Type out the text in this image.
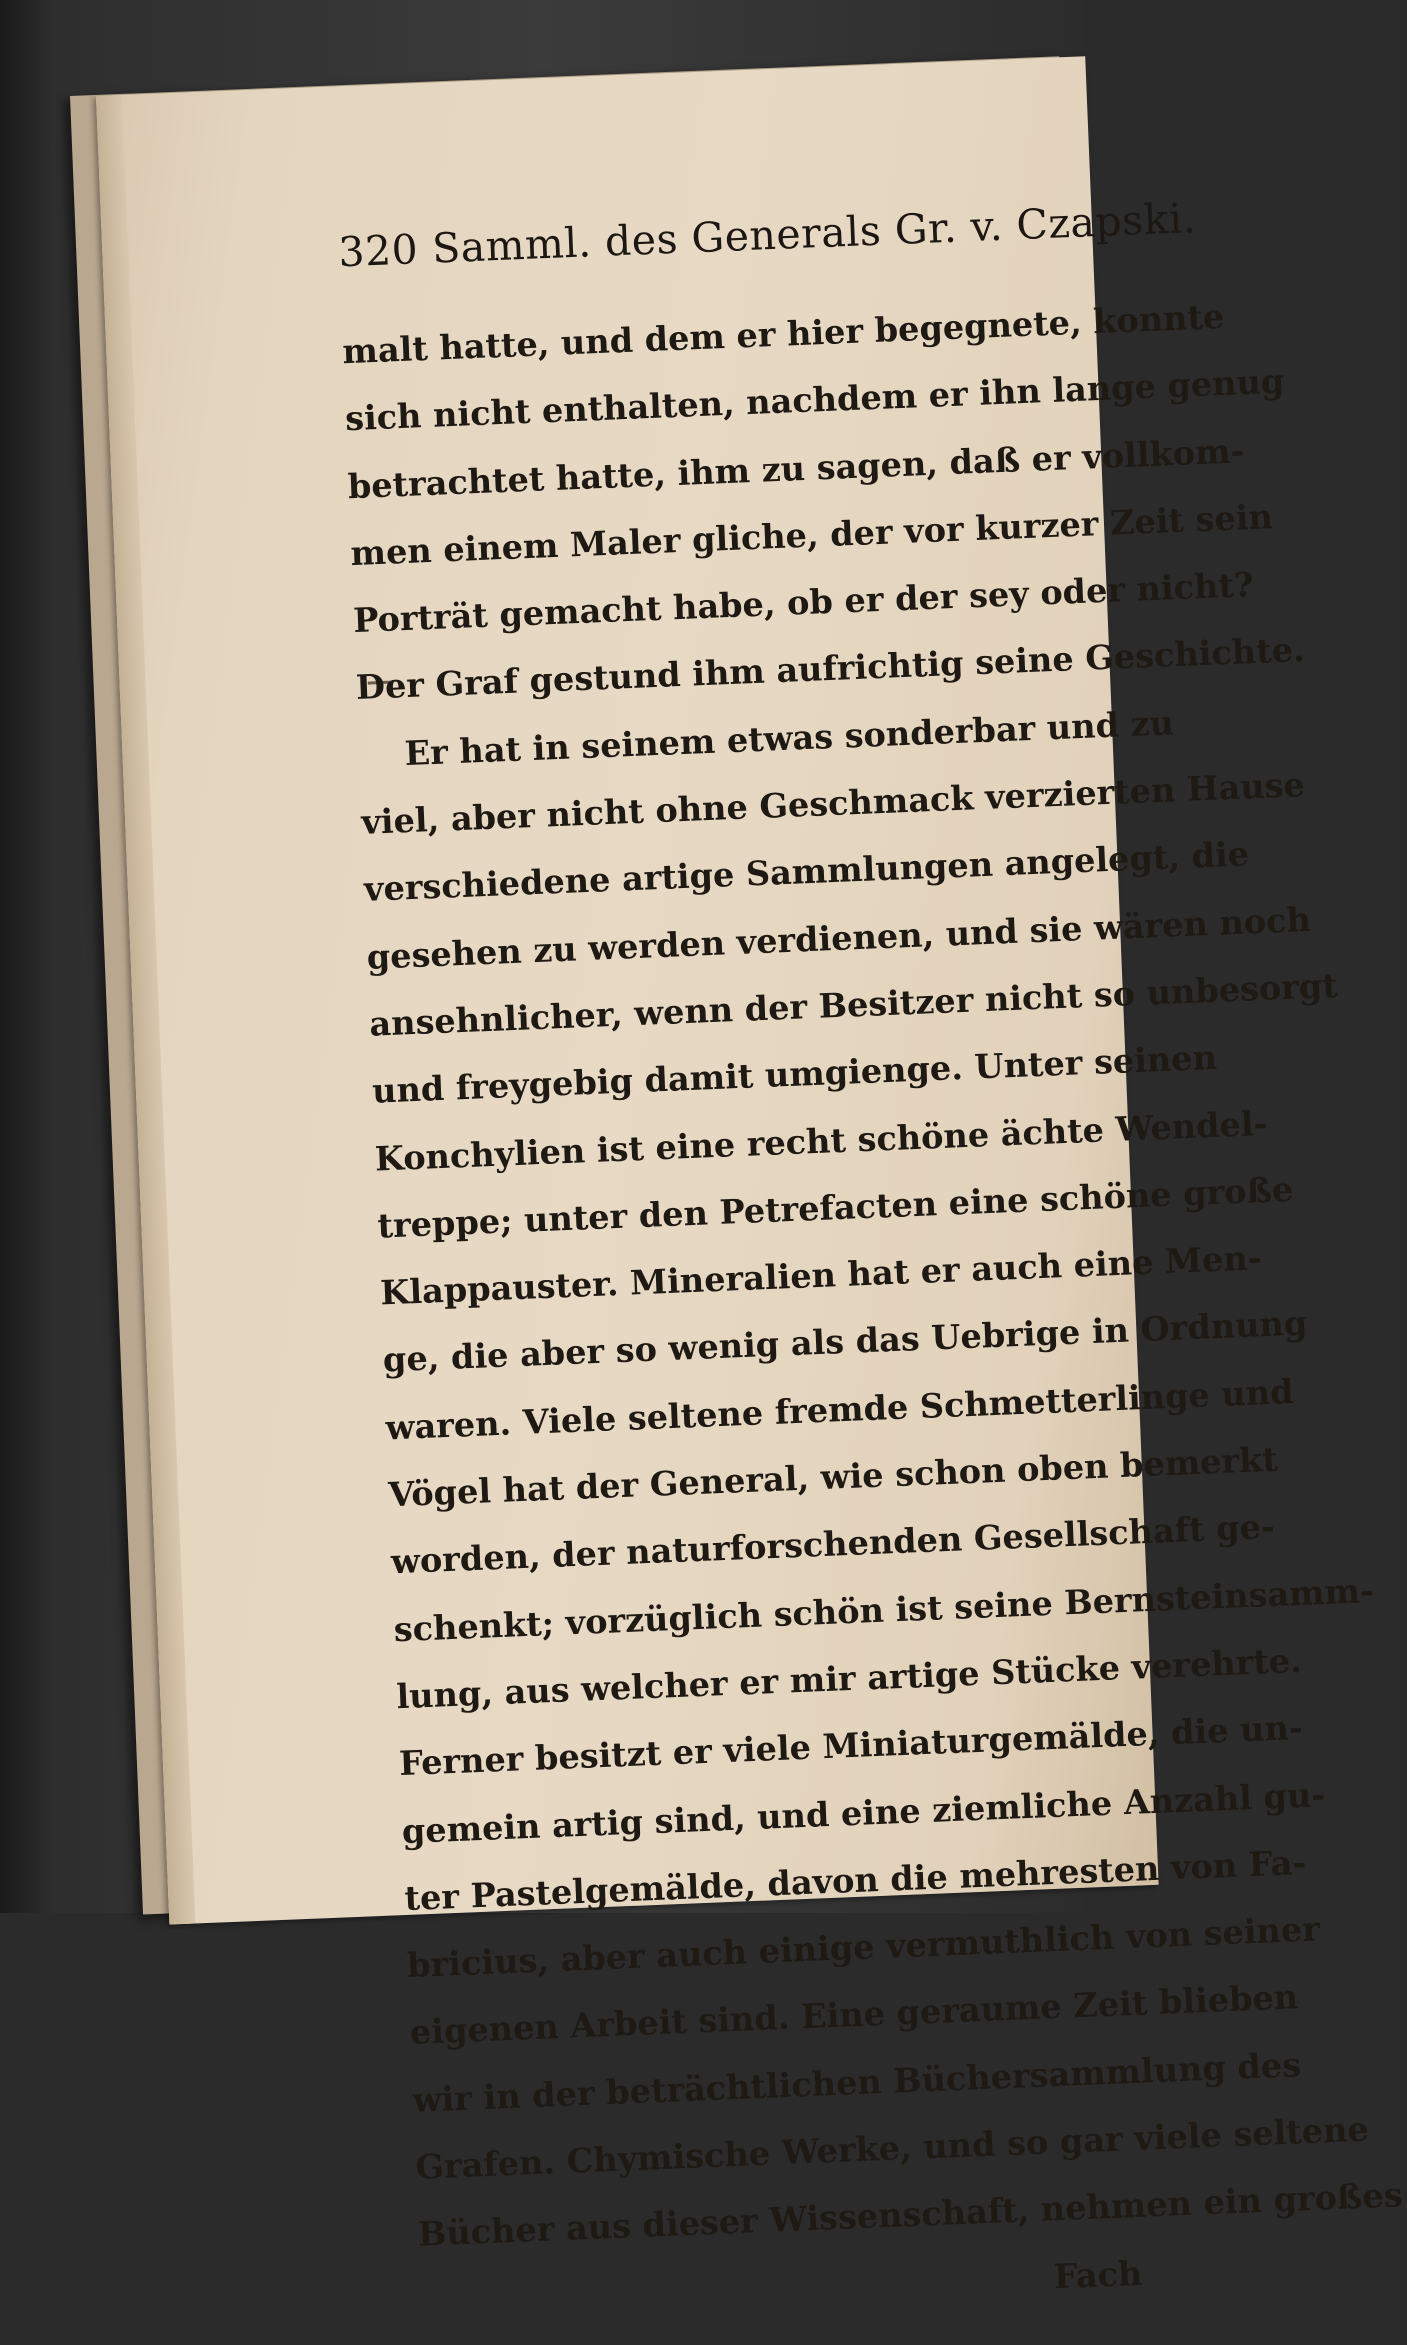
320 Samml. des Generals Gr. v. Czapski.
malt hatte, und dem er hier begegnete, konnte
sich nicht enthalten, nachdem er ihn lange genug
betrachtet hatte, ihm zu sagen, daß er vollkom-
men einem Maler gliche, der vor kurzer Zeit sein
Porträt gemacht habe, ob er der sey oder nicht?
Der Graf gestund ihm aufrichtig seine Geschichte.
Er hat in seinem etwas sonderbar und zu
viel, aber nicht ohne Geschmack verzierten Hause
verschiedene artige Sammlungen angelegt, die
gesehen zu werden verdienen, und sie wären noch
ansehnlicher, wenn der Besitzer nicht so unbesorgt
und freygebig damit umgienge. Unter seinen
Konchylien ist eine recht schöne ächte Wendel-
treppe; unter den Petrefacten eine schöne große
Klappauster. Mineralien hat er auch eine Men-
ge, die aber so wenig als das Uebrige in Ordnung
waren. Viele seltene fremde Schmetterlinge und
Vögel hat der General, wie schon oben bemerkt
worden, der naturforschenden Gesellschaft ge-
schenkt; vorzüglich schön ist seine Bernsteinsamm-
lung, aus welcher er mir artige Stücke verehrte.
Ferner besitzt er viele Miniaturgemälde, die un-
gemein artig sind, und eine ziemliche Anzahl gu-
ter Pastelgemälde, davon die mehresten von Fa-
bricius, aber auch einige vermuthlich von seiner
eigenen Arbeit sind. Eine geraume Zeit blieben
wir in der beträchtlichen Büchersammlung des
Grafen. Chymische Werke, und so gar viele seltene
Bücher aus dieser Wissenschaft, nehmen ein großes
Fach
